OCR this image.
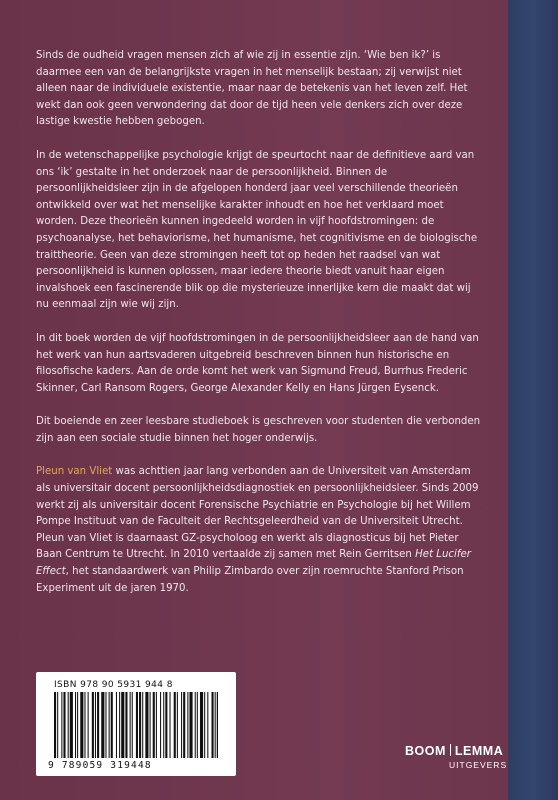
Sinds de oudheid vragen mensen zich af wie zij in essentie zijn. ‘Wie ben ik?’ is daarmee een van de belangrijkste vragen in het menselijk bestaan; zij verwijst niet alleen naar de individuele existentie, maar naar de betekenis van het leven zelf. Het wekt dan ook geen verwondering dat door de tijd heen vele denkers zich over deze lastige kwestie hebben gebogen.

In de wetenschappelijke psychologie krijgt de speurtocht naar de definitieve aard van ons ‘ik’ gestalte in het onderzoek naar de persoonlijkheid. Binnen de persoonlijkheidsleer zijn in de afgelopen honderd jaar veel verschillende theorieën ontwikkeld over wat het menselijke karakter inhoudt en hoe het verklaard moet worden. Deze theorieën kunnen ingedeeld worden in vijf hoofdstromingen: de psychoanalyse, het behaviorisme, het humanisme, het cognitivisme en de biologische traittheorie. Geen van deze stromingen heeft tot op heden het raadsel van wat persoonlijkheid is kunnen oplossen, maar iedere theorie biedt vanuit haar eigen invalshoek een fascinerende blik op die mysterieuze innerlijke kern die maakt dat wij nu eenmaal zijn wie wij zijn.

In dit boek worden de vijf hoofdstromingen in de persoonlijkheidsleer aan de hand van het werk van hun aartsvaderen uitgebreid beschreven binnen hun historische en filosofische kaders. Aan de orde komt het werk van Sigmund Freud, Burrhus Frederic Skinner, Carl Ransom Rogers, George Alexander Kelly en Hans Jürgen Eysenck.

Dit boeiende en zeer leesbare studieboek is geschreven voor studenten die verbonden zijn aan een sociale studie binnen het hoger onderwijs.

Pleun van Vliet was achttien jaar lang verbonden aan de Universiteit van Amsterdam als universitair docent persoonlijkheidsdiagnostiek en persoonlijkheidsleer. Sinds 2009 werkt zij als universitair docent Forensische Psychiatrie en Psychologie bij het Willem Pompe Instituut van de Faculteit der Rechtsgeleerdheid van de Universiteit Utrecht.
Pleun van Vliet is daarnaast GZ-psycholoog en werkt als diagnosticus bij het Pieter Baan Centrum te Utrecht. In 2010 vertaalde zij samen met Rein Gerritsen Het Lucifer Effect, het standaardwerk van Philip Zimbardo over zijn roemruchte Stanford Prison Experiment uit de jaren 1970.

ISBN 978 90 5931 944 8
9 789059 319448
BOOM LEMMA
UITGEVERS
